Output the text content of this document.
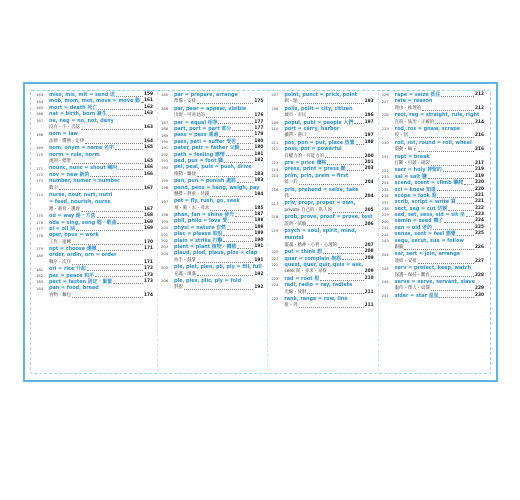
163	miss, mis, mit = send 送	159
164	mob, mom, mot, move = move 動 161
165	mort = death 死亡	162
166	nat = birth, born 誕生	163
167	ne, neg = no, not, deny
沒有・不・否認	163
168	nom = law
法律・慣例・定律	164
169	nom, onym = name 名字	165
170	norm = rule, norm
規則・標準	165
171	nounc, nunc = shout 喊叫	166
172	nov = new 新的	166
173	number, numer = number
數字	167
174	nurse, nour, nurt, nutri
= feed, nourish, nurse
餵・養育・護理	167
175	od = way 路・方法	168
176	ode = sing, song 唱・歌曲	169
177	ol = oil 油	169
178	oper, opus = work
工作・運轉	170
179	opt = choose 選擇	171
180	order, ordin, orn = order
順序・次序	171
181	ori = rise 升起	172
182	pac = peace 和平	173
183	pact = fasten 固定・緊緊	173
184	pan = food, bread
食物・麵包	174
185	par = prepare, arrange
準備・安排	175
186	par, pear = appear, visible
出現・可看見的	176
187	par = equal 相等	177
188	part, port = part 部分	177
189	pass = pass 通過	179
190	pass, pati = suffer 受苦	180
191	pater, patr = father 父親	180
192	path = feeling 感情	181
193	ped, pus = foot 腳	182
194	pel, peal, puls = push, drive
推動・驅使	183
195	pen, pun = punish 處罰	183
196	pend, pens = hang, weigh, pay
懸掛・秤重・付錢	184
197	pet = fly, rush, go, seek
飛・衝・去・尋求	185
198	phan, fan = shine 發光	187
199	phil, philo = love 愛	188
200	physi = nature 自然	189
201	plac = please 取悅	189
202	plain = strike 打擊	190
203	plant = plant 植物・種植	191
204	plaud, plod, plaus, plos = clap
拍手・鼓掌	191
205	ple, plet, plen, pli, ply = fill, full
充滿・填滿	192
206	ple, plex, plic, ply = fold
對摺	192
207	point, punct = prick, point
刺・點	193
208	polis, polit = city, citizen
城市・市民	196
209	popul, publ = people 人們	197
210	port = carry, harbor
攜帶・港口	197
211	pos, pon = put, place 放置 198
212	poss, pot = powerful
有權力的・有能力的	200
213	pre = price 價格	201
214	press, print = press 壓	203
215	prim, prin, prem = first
第一的	204
216	pris, prehend = seize, take
抓	204
217	priv, propr, proper = own,
private 自己的・私人的	205
218	prob, prove, proof = prove, test
證明・試驗	206
219	psych = soul, spirit, mind,
mental
靈魂・精神・心智・心理的	207
220	put = think 想	208
221	quar = complain 抱怨	209
222	quest, quer, quir, quis = ask,
seek 問・尋求・尋找	209
223	rad = root 根	210
224	radi, radio = ray, radiate
光線・放射	211
225	rank, range = row, line
排・列	211
226	rape = seize 抓住	212
227	rate = reason
理由・推理的	212
228	rect, reg = straight, rule, right
直的・統治・正確的	214
229	rod, ros = gnaw, scrape
咬・刮	216
230	roll, rot, round = roll, wheel
滾動・輪子	216
231	rupt = break
打斷・打破・破裂	217
232	sacr = holy 神聖的	219
233	sal = salt 鹽	219
234	scend, scent = climb 攀爬	220
235	sci = know 知道	220
236	scope = look 看	221
237	scrib, script = write 寫	221
238	sect, seg = cut 切割	222
239	sed, set, sess, sid = sit 坐 223
240	semin = seed 種子	224
241	sen = old 老的	225
242	sense, sent = feel 感覺	225
243	sequ, secut, sue = follow
跟隨	226
244	ser, sert = join, arrange
連結・安排	227
245	serv = protect, keep, watch
保護・保持・觀看	228
246	serve = serve, servant, slave
服侍・僕人・奴隸	229
247	sider = star 星星	230
